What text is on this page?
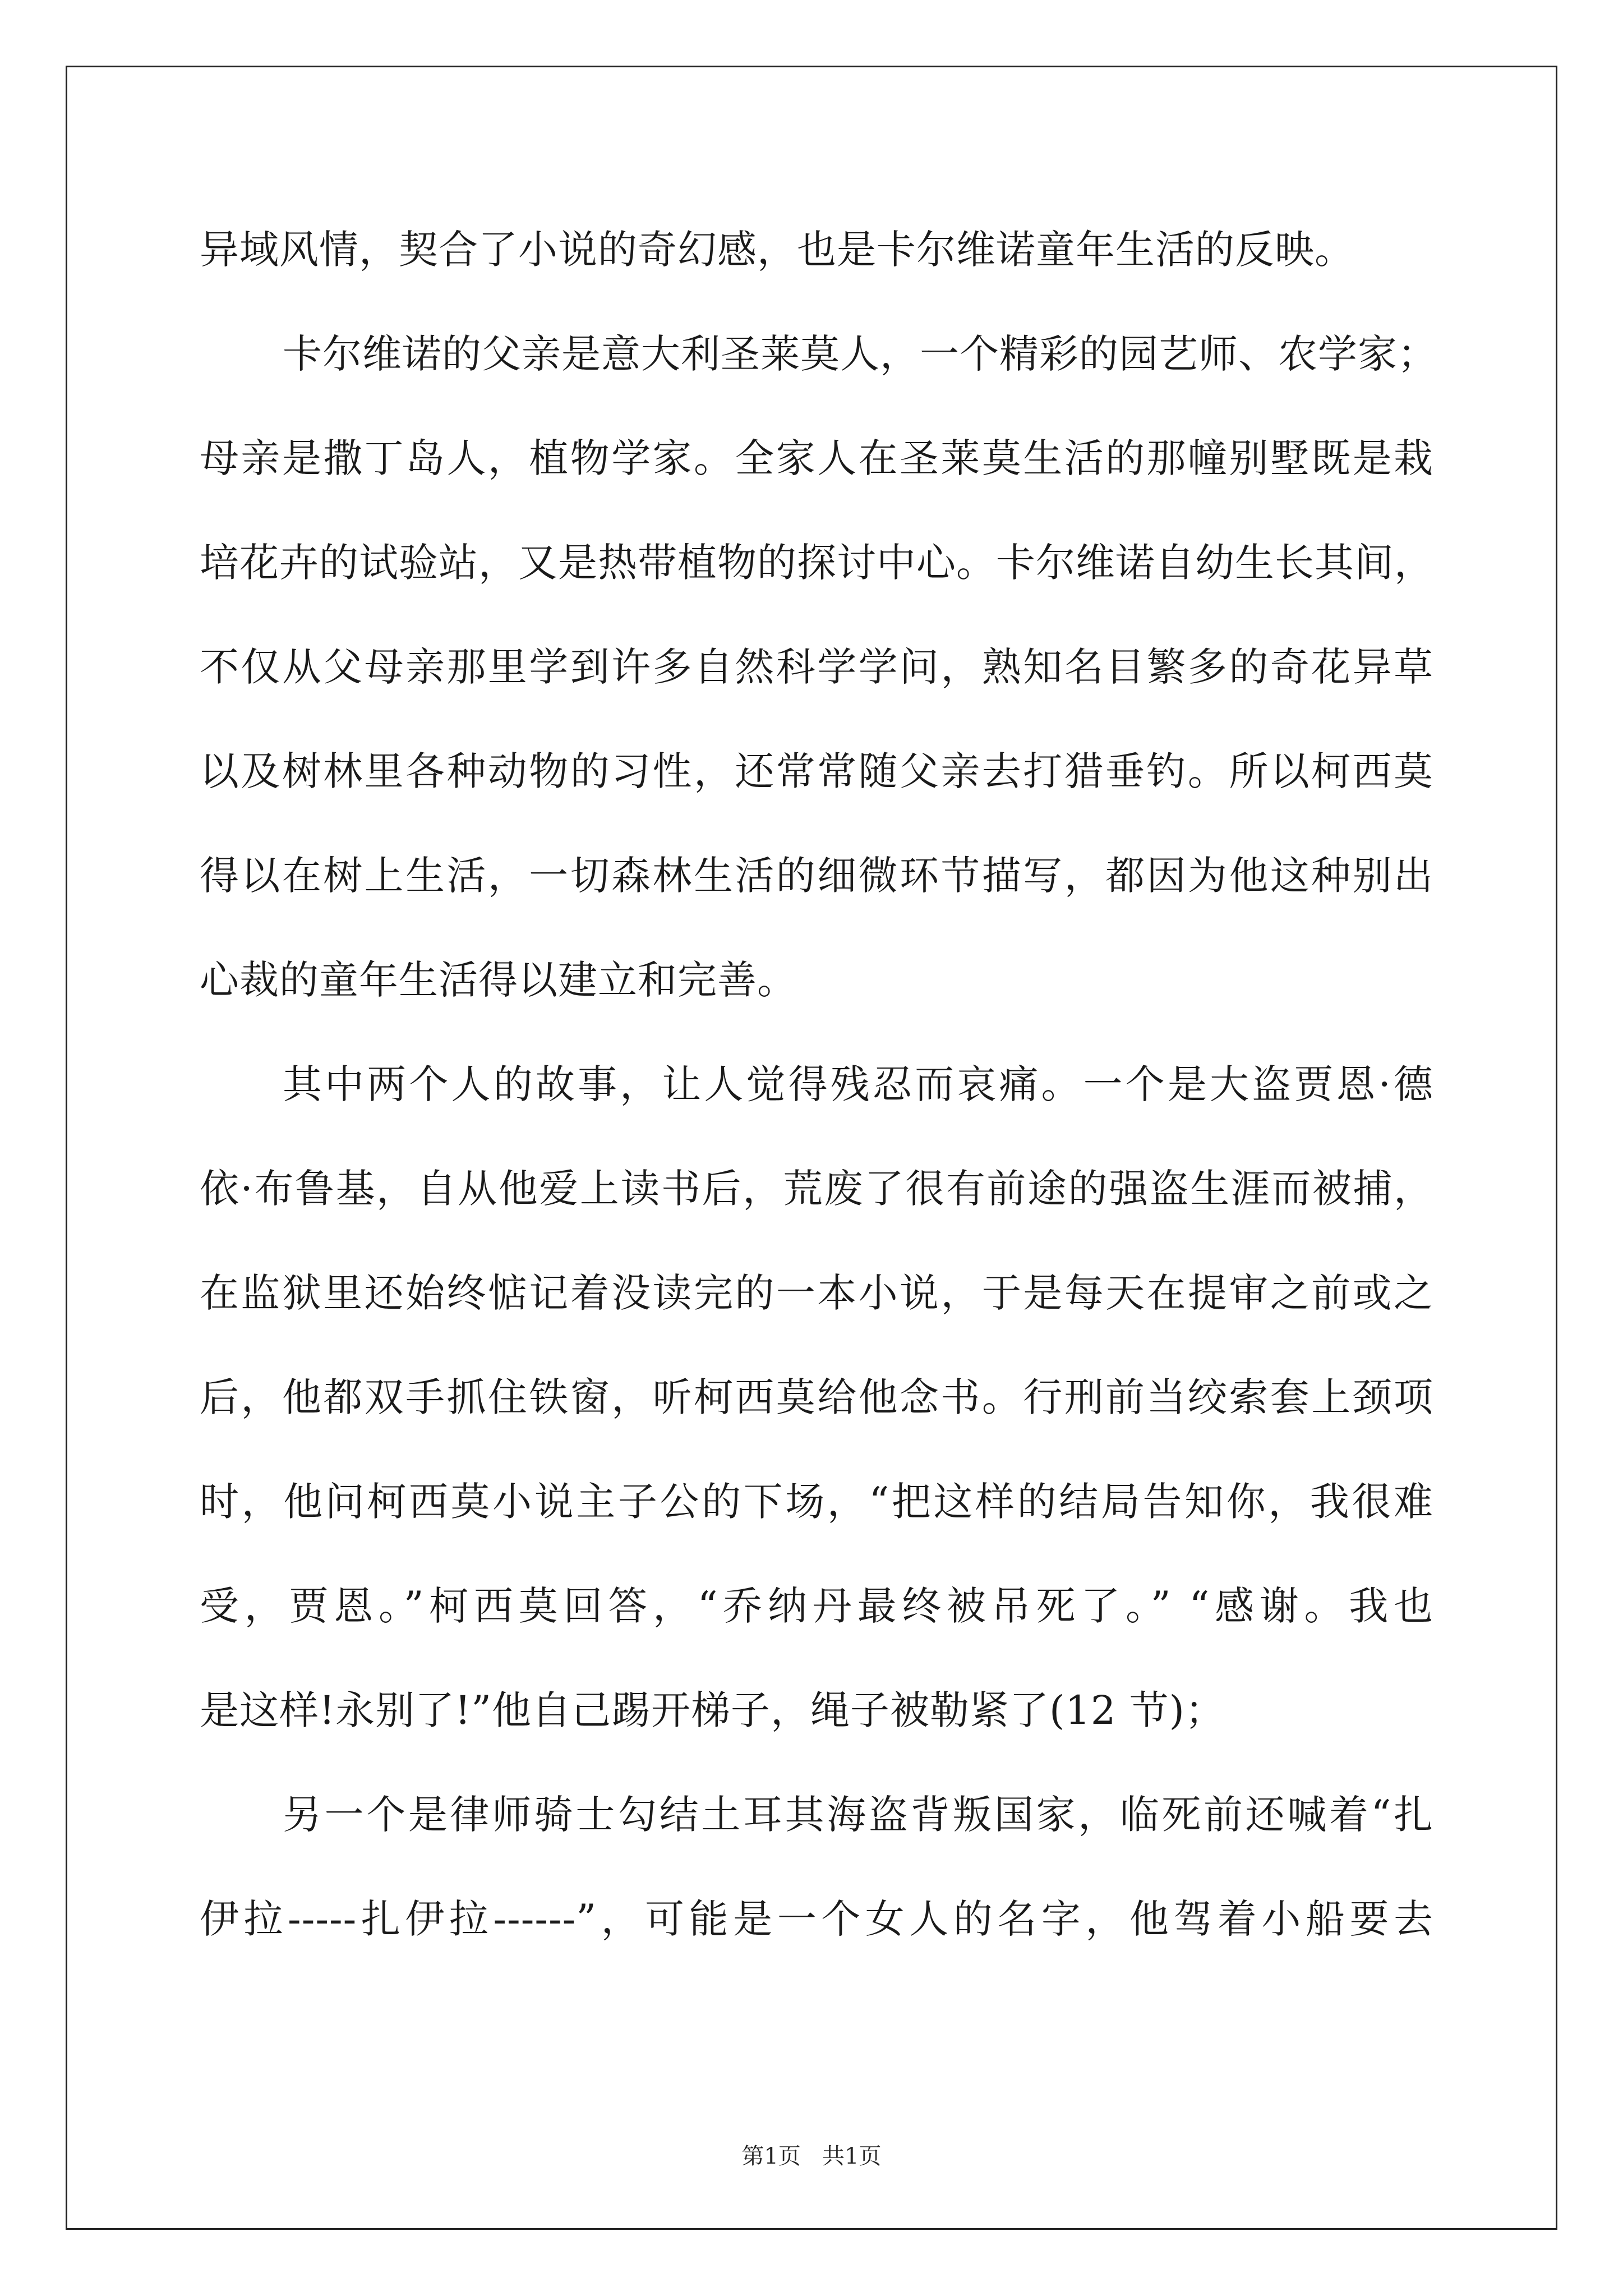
异域风情，契合了小说的奇幻感，也是卡尔维诺童年生活的反映。
卡尔维诺的父亲是意大利圣莱莫人，一个精彩的园艺师、农学家；
母亲是撒丁岛人，植物学家。全家人在圣莱莫生活的那幢别墅既是栽
培花卉的试验站，又是热带植物的探讨中心。卡尔维诺自幼生长其间，
不仅从父母亲那里学到许多自然科学学问，熟知名目繁多的奇花异草
以及树林里各种动物的习性，还常常随父亲去打猎垂钓。所以柯西莫
得以在树上生活，一切森林生活的细微环节描写，都因为他这种别出
心裁的童年生活得以建立和完善。
其中两个人的故事，让人觉得残忍而哀痛。一个是大盗贾恩·德
依·布鲁基，自从他爱上读书后，荒废了很有前途的强盗生涯而被捕，
在监狱里还始终惦记着没读完的一本小说，于是每天在提审之前或之
后，他都双手抓住铁窗，听柯西莫给他念书。行刑前当绞索套上颈项
时，他问柯西莫小说主子公的下场，“把这样的结局告知你，我很难
受，贾恩。”柯西莫回答，“乔纳丹最终被吊死了。” “感谢。我也
是这样!永别了!”他自己踢开梯子，绳子被勒紧了(12 节)；
另一个是律师骑士勾结土耳其海盗背叛国家，临死前还喊着“扎
伊拉-----扎伊拉------”，可能是一个女人的名字，他驾着小船要去
第1页   共1页
